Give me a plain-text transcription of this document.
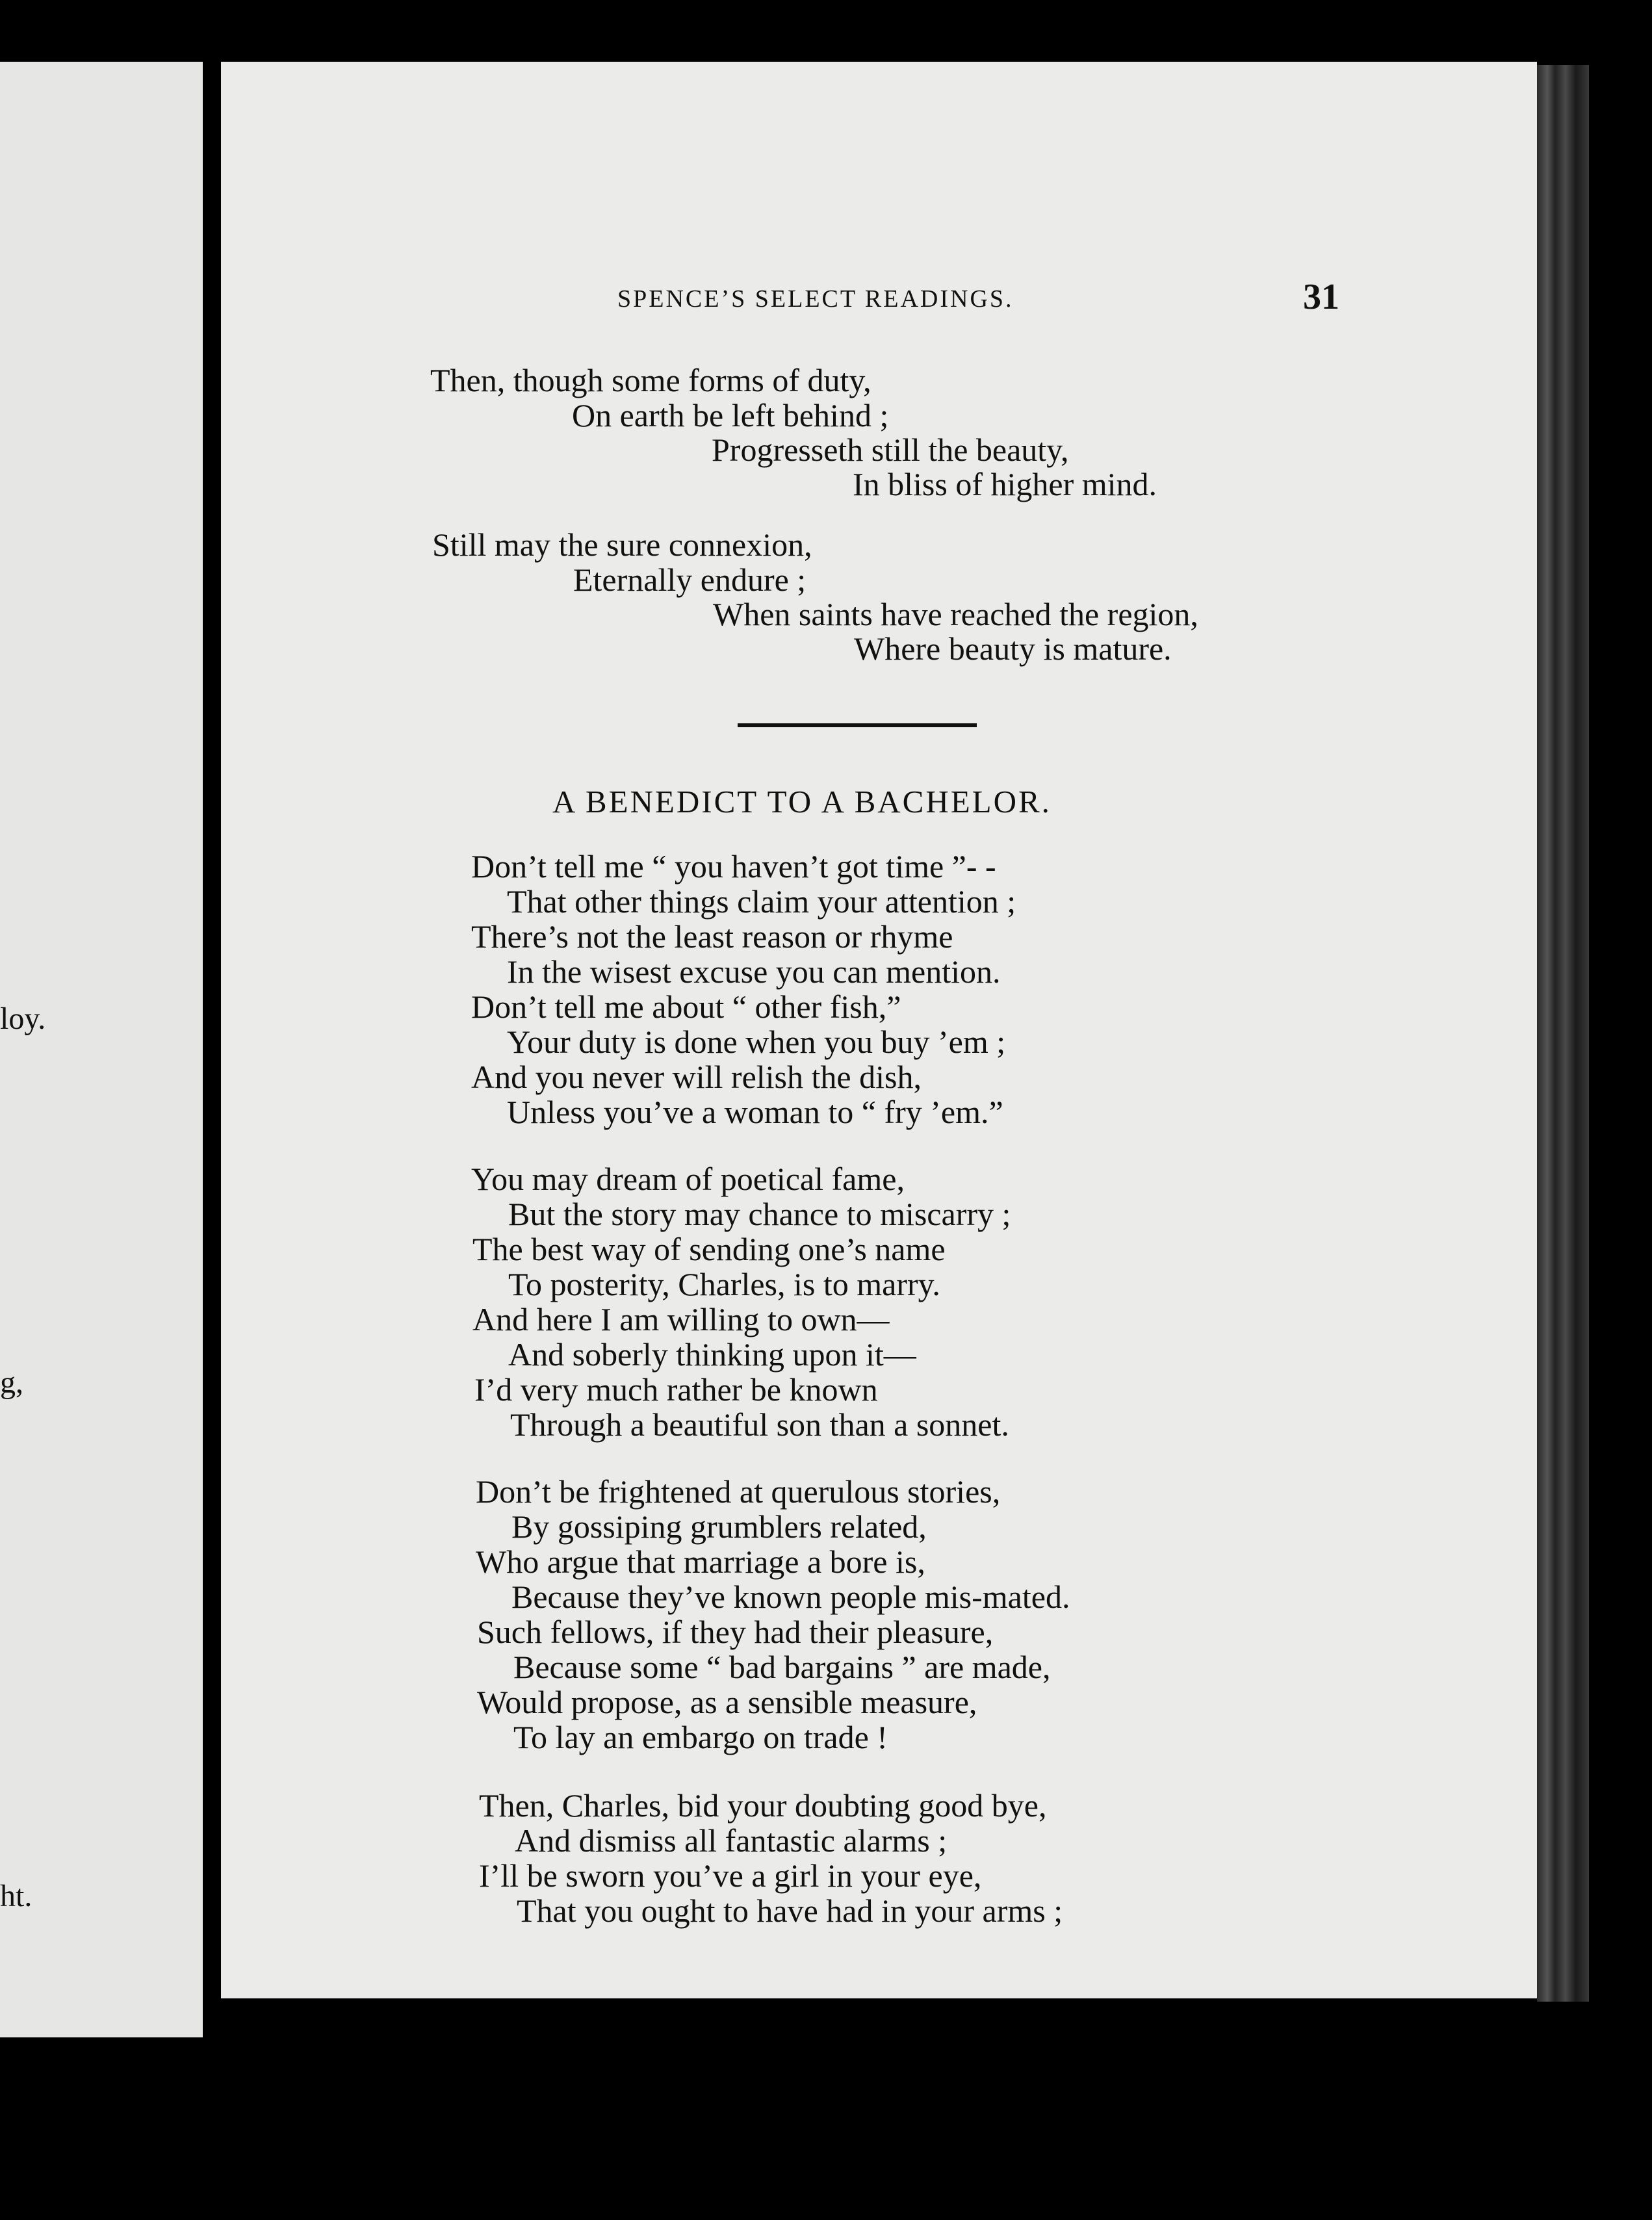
loy.
g,
ht.
SPENCE’S SELECT READINGS.	31
Then, though some forms of duty,
On earth be left behind ;
Progresseth still the beauty,
In bliss of higher mind.
Still may the sure connexion,
Eternally endure ;
When saints have reached the region,
Where beauty is mature.
A BENEDICT TO A BACHELOR.
Don’t tell me “ you haven’t got time ”- -
That other things claim your attention ;
There’s not the least reason or rhyme
In the wisest excuse you can mention.
Don’t tell me about “ other fish,”
Your duty is done when you buy ’em ;
And you never will relish the dish,
Unless you’ve a woman to “ fry ’em.”
You may dream of poetical fame,
But the story may chance to miscarry ;
The best way of sending one’s name
To posterity, Charles, is to marry.
And here I am willing to own—
And soberly thinking upon it—
I’d very much rather be known
Through a beautiful son than a sonnet.
Don’t be frightened at querulous stories,
By gossiping grumblers related,
Who argue that marriage a bore is,
Because they’ve known people mis-mated.
Such fellows, if they had their pleasure,
Because some “ bad bargains ” are made,
Would propose, as a sensible measure,
To lay an embargo on trade !
Then, Charles, bid your doubting good bye,
And dismiss all fantastic alarms ;
I’ll be sworn you’ve a girl in your eye,
That you ought to have had in your arms ;
